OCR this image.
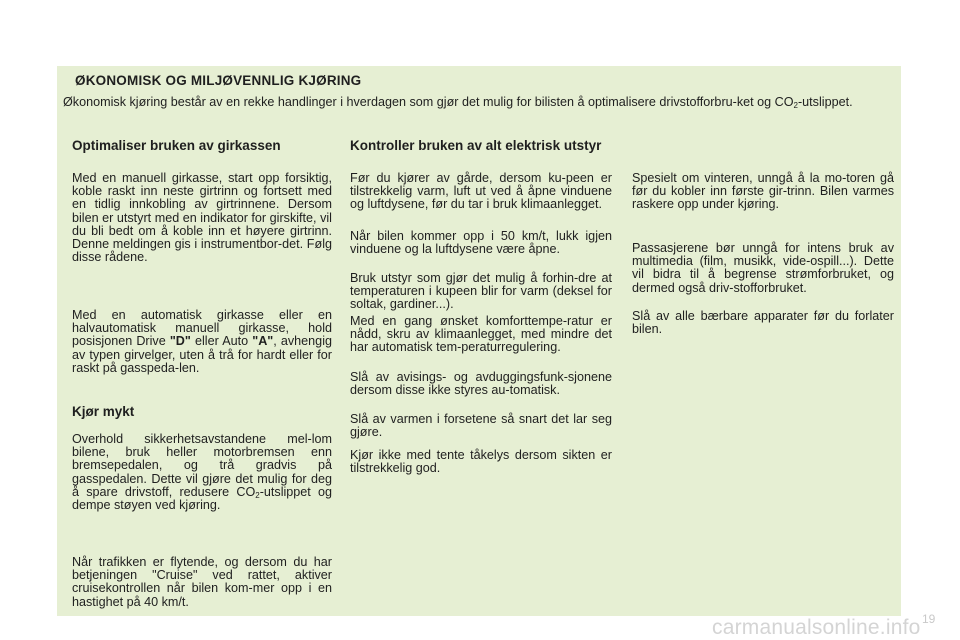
ØKONOMISK OG MILJØVENNLIG KJØRING

Økonomisk kjøring består av en rekke handlinger i hverdagen som gjør det mulig for bilisten å optimalisere drivstofforbru-ket og $CO_2$-utslippet.

Optimaliser bruken av girkassen

Med en manuell girkasse, start opp forsiktig, koble raskt inn neste girtrinn og fortsett med en tidlig innkobling av girtrinnene. Dersom bilen er utstyrt med en indikator for girskifte, vil du bli bedt om å koble inn et høyere girtrinn. Denne meldingen gis i instrumentbor-det. Følg disse rådene.

Med en automatisk girkasse eller en halvautomatisk manuell girkasse, hold posisjonen Drive "D" eller Auto "A", avhengig av typen girvelger, uten å trå for hardt eller for raskt på gasspeda-len.

Kjør mykt

Overhold sikkerhetsavstandene mel-lom bilene, bruk heller motorbremsen enn bremsepedalen, og trå gradvis på gasspedalen. Dette vil gjøre det mulig for deg å spare drivstoff, redusere $CO_2$-utslippet og dempe støyen ved kjøring.

Når trafikken er flytende, og dersom du har betjeningen "Cruise" ved rattet, aktiver cruisekontrollen når bilen kom-mer opp i en hastighet på 40 km/t.

Kontroller bruken av alt elektrisk utstyr

Før du kjører av gårde, dersom ku-peen er tilstrekkelig varm, luft ut ved å åpne vinduene og luftdysene, før du tar i bruk klimaanlegget.

Når bilen kommer opp i 50 km/t, lukk igjen vinduene og la luftdysene være åpne.

Bruk utstyr som gjør det mulig å forhin-dre at temperaturen i kupeen blir for varm (deksel for soltak, gardiner...).

Med en gang ønsket komforttempe-ratur er nådd, skru av klimaanlegget, med mindre det har automatisk tem-peraturregulering.

Slå av avisings- og avduggingsfunk-sjonene dersom disse ikke styres au-tomatisk.

Slå av varmen i forsetene så snart det lar seg gjøre.

Kjør ikke med tente tåkelys dersom sikten er tilstrekkelig god.

Spesielt om vinteren, unngå å la mo-toren gå før du kobler inn første gir-trinn. Bilen varmes raskere opp under kjøring.

Passasjerene bør unngå for intens bruk av multimedia (film, musikk, vide-ospill...). Dette vil bidra til å begrense strømforbruket, og dermed også driv-stofforbruket.

Slå av alle bærbare apparater før du forlater bilen.

19
carmanualsonline.info
